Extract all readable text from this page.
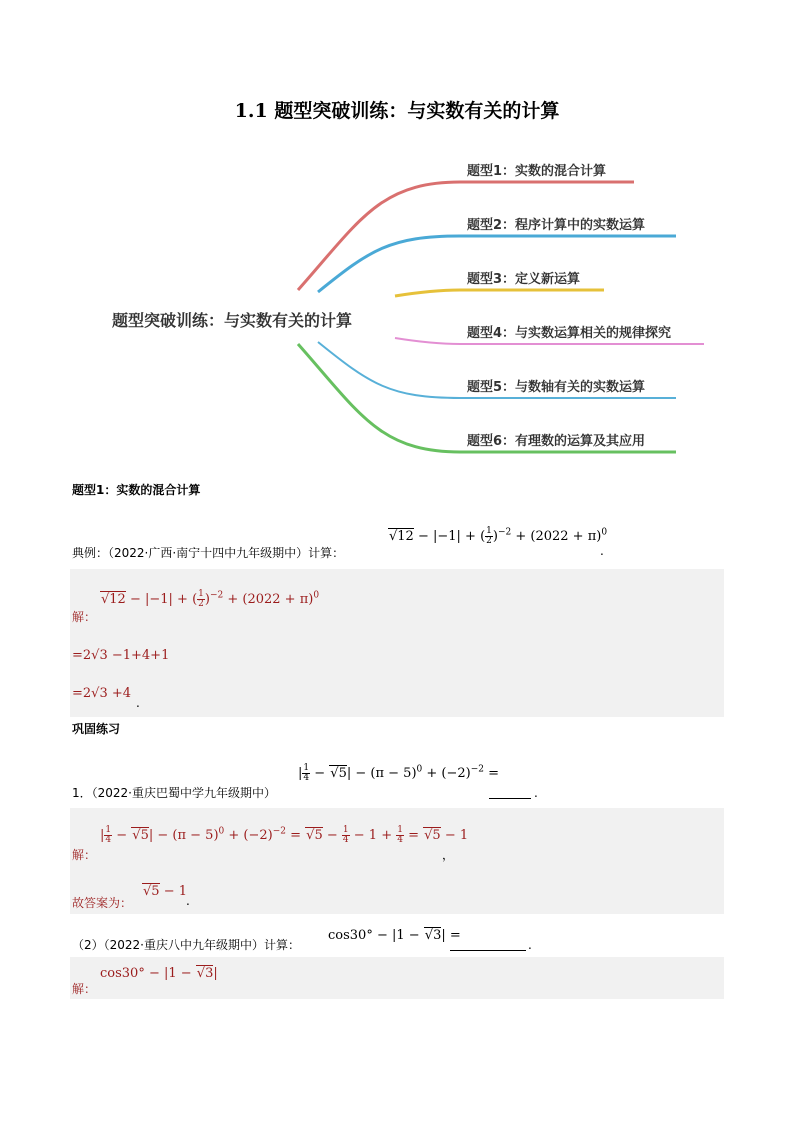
1.1 题型突破训练：与实数有关的计算
题型突破训练：与实数有关的计算
题型1：实数的混合计算
题型2：程序计算中的实数运算
题型3：定义新运算
题型4：与实数运算相关的规律探究
题型5：与数轴有关的实数运算
题型6：有理数的运算及其应用
题型1：实数的混合计算
√12 − |−1| + ( $\frac{1}{2} )^{-2} + (2022 + \pi)^0$
典例：（2022·广西·南宁十四中九年级期中）计算：	.
√12 − |−1| + ( $\frac{1}{2} )^{-2} + (2022 + \pi)^0$
解：
=2√3 −1+4+1
=2√3 +4
.
巩固练习
| $\frac{1}{4} - √5| - (\pi - 5)^0 + (-2)^{-2}$ =
1．（2022·重庆巴蜀中学九年级期中）	.
| $\frac{1}{4} - √5| - (\pi - 5)^0 + (-2)^{-2} = √5 - \frac{1}{4} - 1 + \frac{1}{4} = √5 - 1$
解：	，
故答案为：
√5 − 1
.
cos30° − |1 − √3| =
（2）（2022·重庆八中九年级期中）计算：	.
cos30° − |1 − √3|
解：
